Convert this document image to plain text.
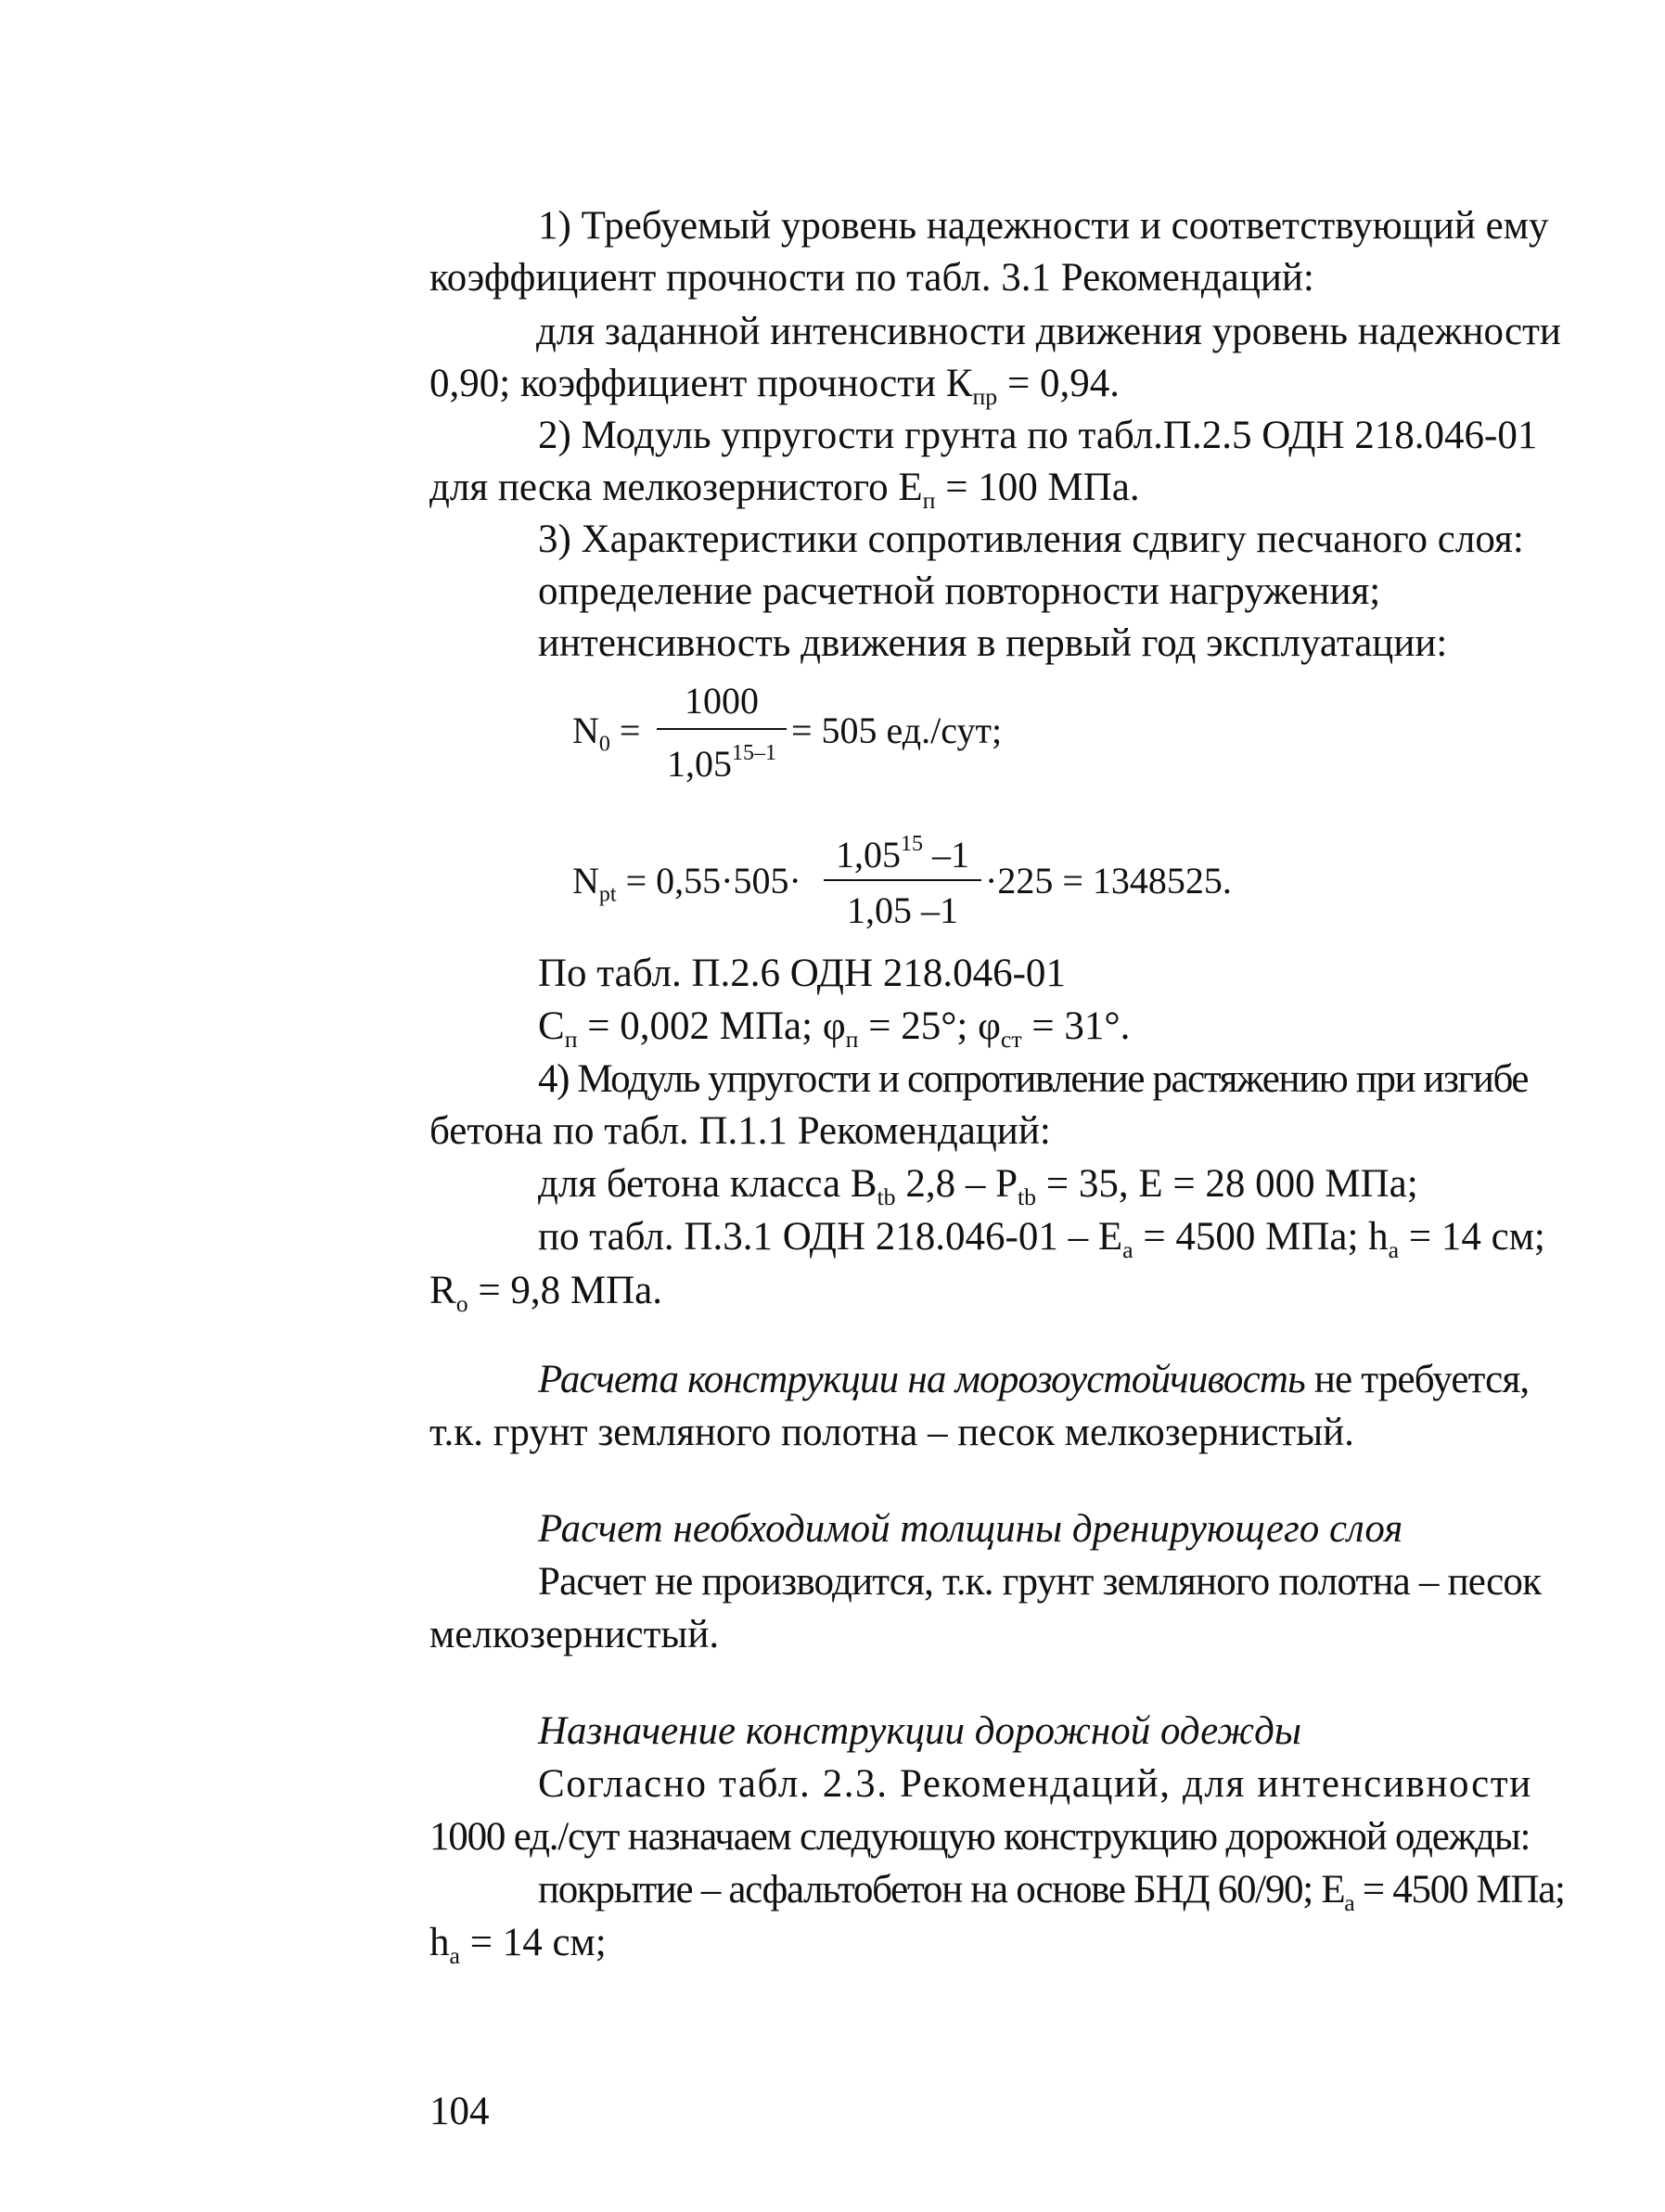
1) Требуемый уровень надежности и соответствующий ему
коэффициент прочности по табл. 3.1 Рекомендаций:
для заданной интенсивности движения уровень надежности
0,90; коэффициент прочности $К_{пр} = 0,94$.
2) Модуль упругости грунта по табл.П.2.5 ОДН 218.046-01
для песка мелкозернистого $Е_п = 100$ МПа.
3) Характеристики сопротивления сдвигу песчаного слоя:
определение расчетной повторности нагружения;
интенсивность движения в первый год эксплуатации:
$N_0$ =
1000
$1,05^{15-1}$
= 505 ед./сут;
$N_{pt} = 0,55\cdot 505\cdot$
$1,05^{15}$ –1
1,05 –1
·225 = 1348525.
По табл. П.2.6 ОДН 218.046-01
$С_п = 0,002$ МПа; $\varphi_п = 25^\circ$; $\varphi_{ст} = 31^\circ$.
4) Модуль упругости и сопротивление растяжению при изгибе
бетона по табл. П.1.1 Рекомендаций:
для бетона класса $В_{tb}$ $2,8 - Р_{tb} = 35$, Е = 28 000 МПа;
по табл. П.3.1 ОДН $218.046-01 - Е_а = 4500$ МПа; $h_а = 14$ см;
$R_о = 9,8$ МПа.
Расчета конструкции на морозоустойчивость не требуется,
т.к. грунт земляного полотна – песок мелкозернистый.
Расчет необходимой толщины дренирующего слоя
Расчет не производится, т.к. грунт земляного полотна – песок
мелкозернистый.
Назначение конструкции дорожной одежды
Согласно табл. 2.3. Рекомендаций, для интенсивности
1000 ед./сут назначаем следующую конструкцию дорожной одежды:
покрытие – асфальтобетон на основе БНД 60/90; $Е_а = 4500$ МПа;
$h_а = 14$ см;
104
